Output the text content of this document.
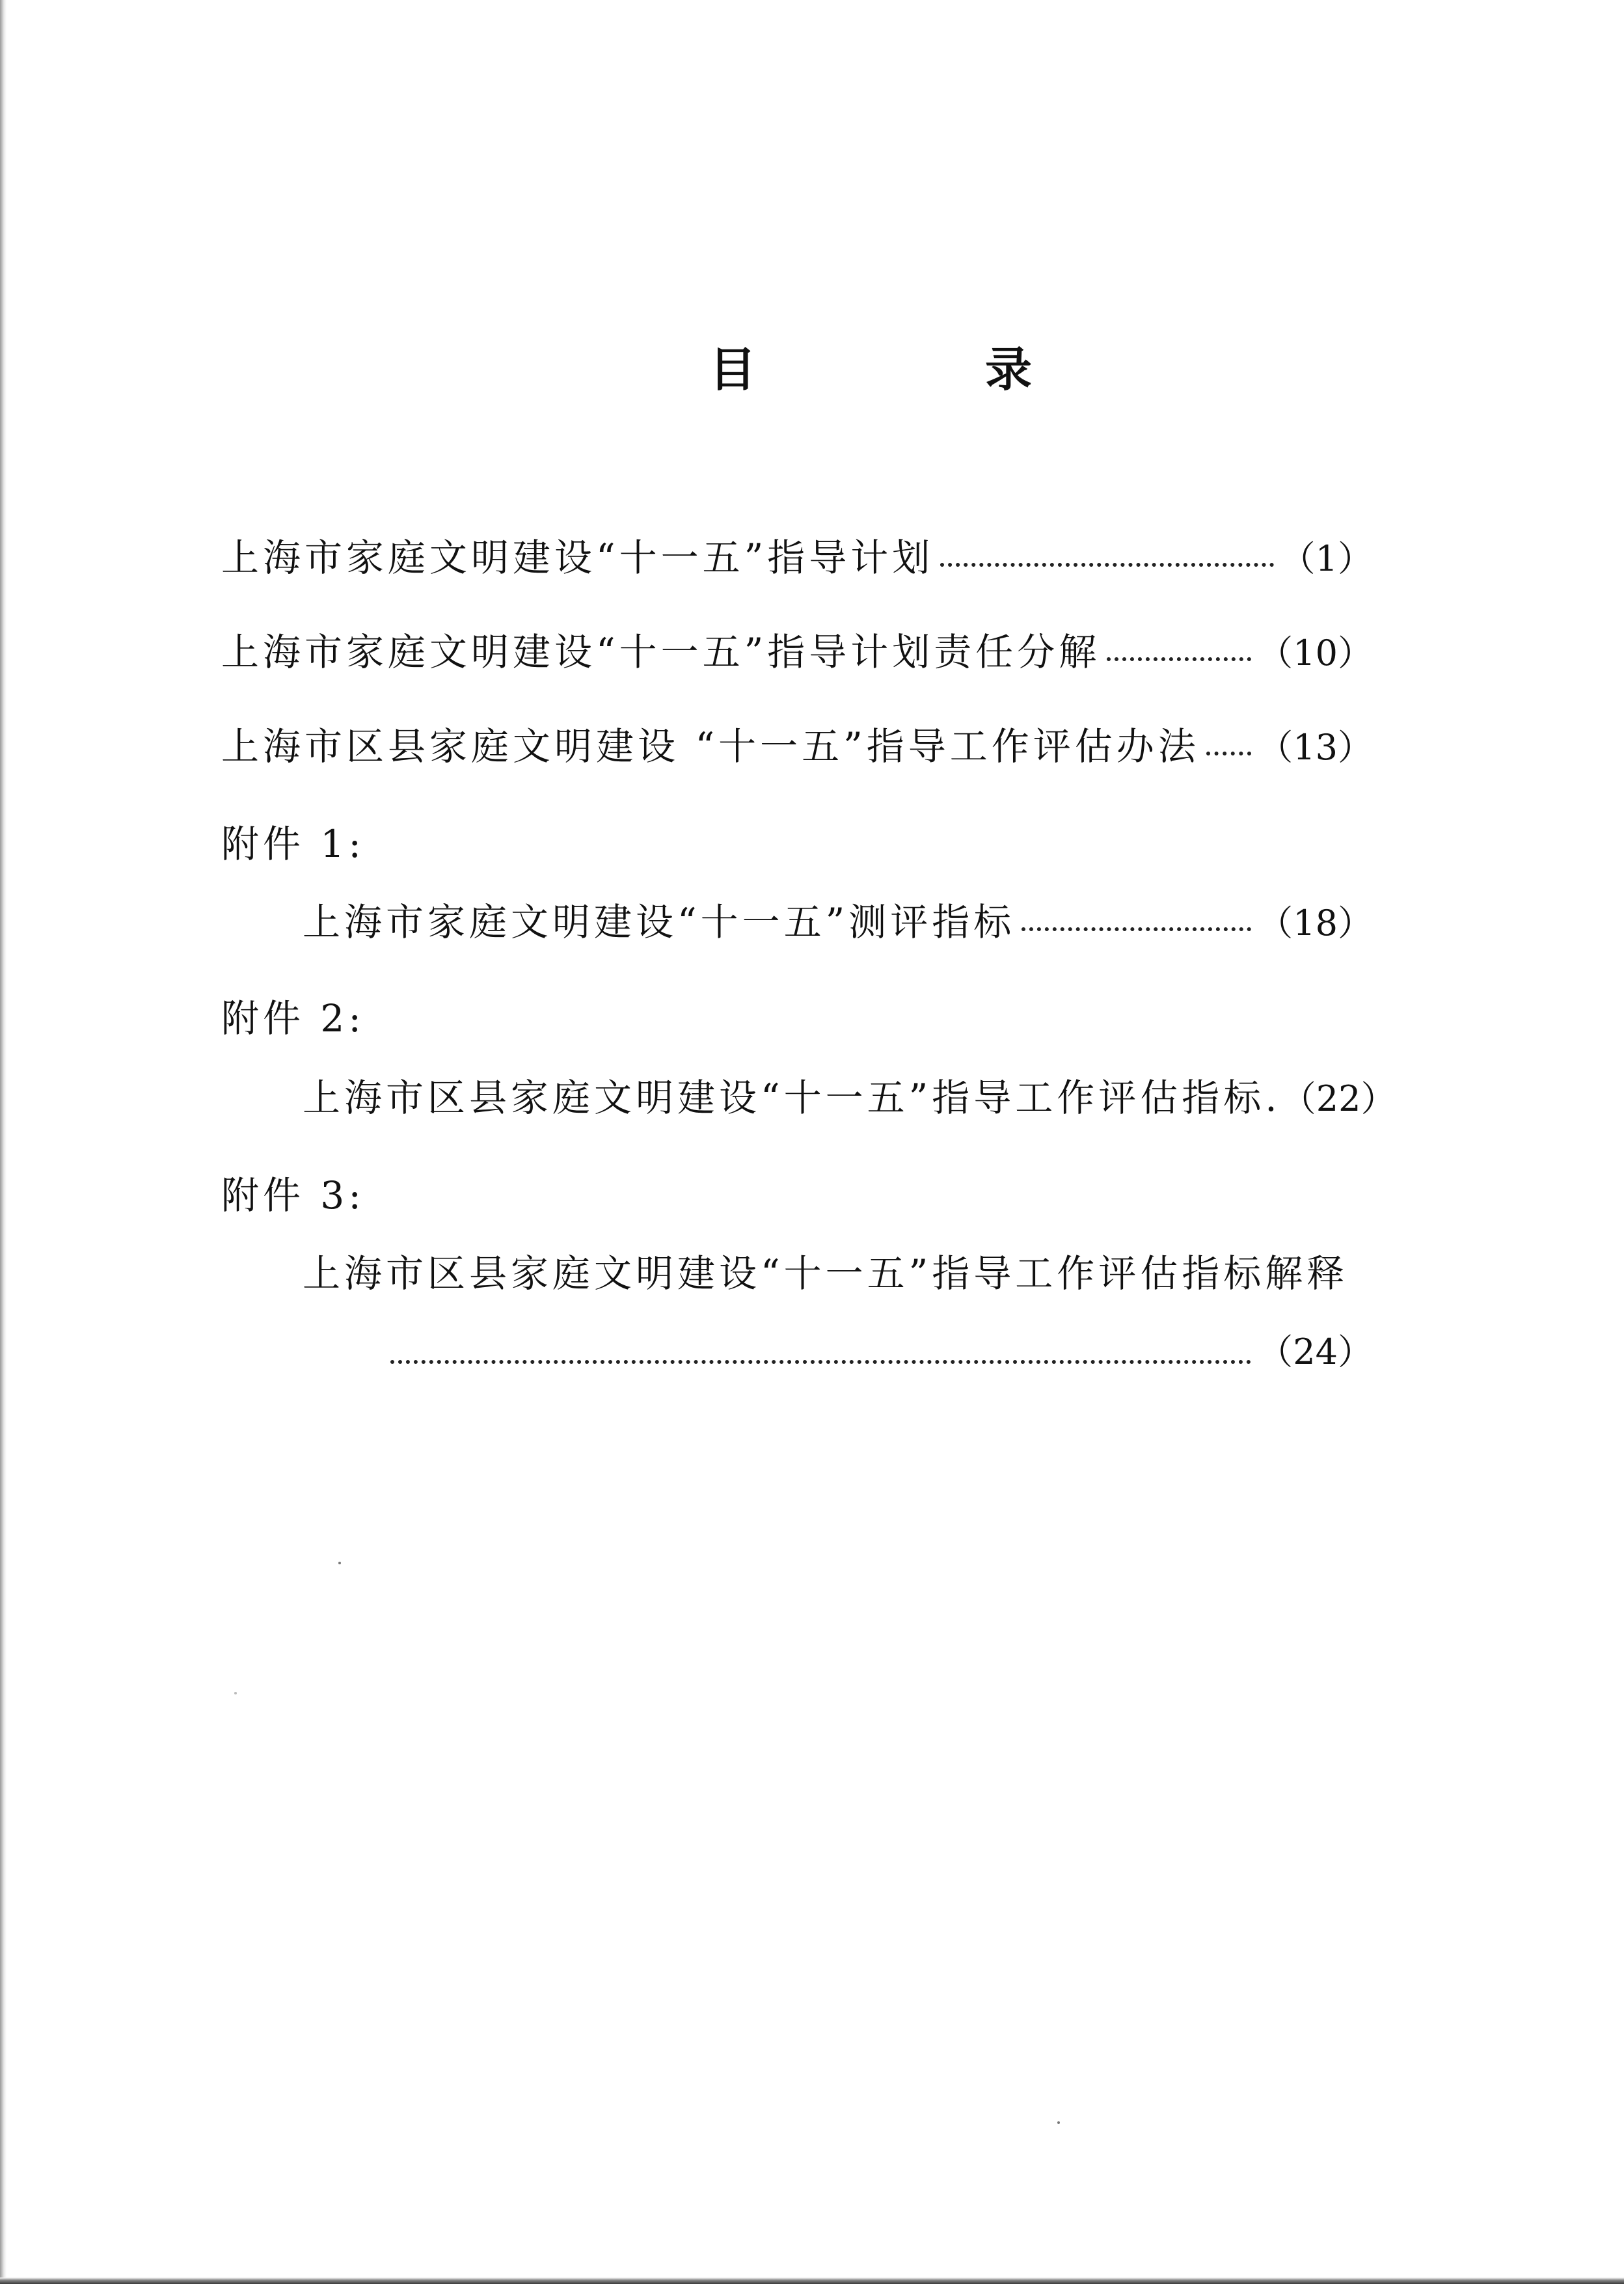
目　录
上海市家庭文明建设“十一五”指导计划	（1）
上海市家庭文明建设“十一五”指导计划责任分解	（10）
上海市区县家庭文明建设 “十一五”指导工作评估办法 （13）
附件 1:
上海市家庭文明建设“十一五”测评指标	（18）
附件 2:
上海市区县家庭文明建设“十一五”指导工作评估指标. （22）
附件 3:
上海市区县家庭文明建设“十一五”指导工作评估指标解释
（24）
